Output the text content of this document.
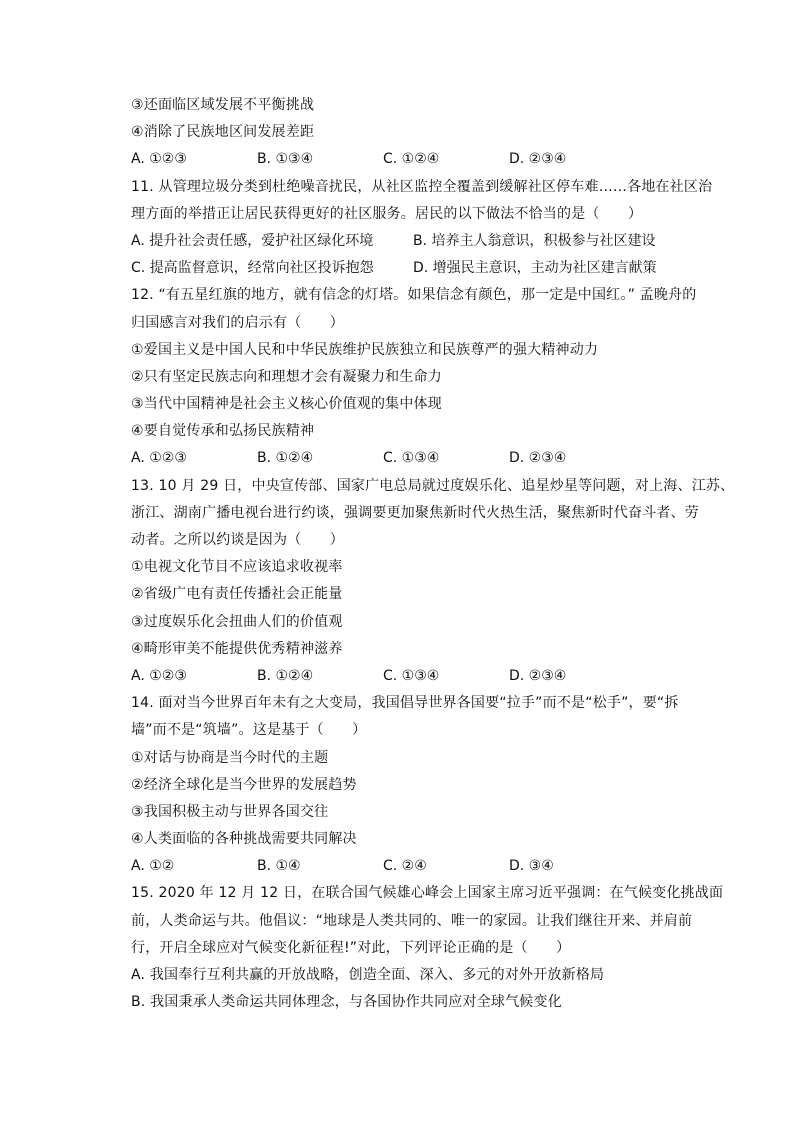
③还面临区域发展不平衡挑战
④消除了民族地区间发展差距
A. ①②③	B. ①③④	C. ①②④	D. ②③④
11. 从管理垃圾分类到杜绝噪音扰民，从社区监控全覆盖到缓解社区停车难……各地在社区治
理方面的举措正让居民获得更好的社区服务。居民的以下做法不恰当的是（　　）
A. 提升社会责任感，爱护社区绿化环境	B. 培养主人翁意识，积极参与社区建设
C. 提高监督意识，经常向社区投诉抱怨	D. 增强民主意识，主动为社区建言献策
12. “有五星红旗的地方，就有信念的灯塔。如果信念有颜色，那一定是中国红。” 孟晚舟的
归国感言对我们的启示有（　　）
①爱国主义是中国人民和中华民族维护民族独立和民族尊严的强大精神动力
②只有坚定民族志向和理想才会有凝聚力和生命力
③当代中国精神是社会主义核心价值观的集中体现
④要自觉传承和弘扬民族精神
A. ①②③	B. ①②④	C. ①③④	D. ②③④
13. 10 月 29 日，中央宣传部、国家广电总局就过度娱乐化、追星炒星等问题，对上海、江苏、
浙江、湖南广播电视台进行约谈，强调要更加聚焦新时代火热生活，聚焦新时代奋斗者、劳
动者。之所以约谈是因为（　　）
①电视文化节目不应该追求收视率
②省级广电有责任传播社会正能量
③过度娱乐化会扭曲人们的价值观
④畸形审美不能提供优秀精神滋养
A. ①②③	B. ①②④	C. ①③④	D. ②③④
14. 面对当今世界百年未有之大变局，我国倡导世界各国要“拉手”而不是“松手”，要“拆
墙”而不是“筑墙”。这是基于（　　）
①对话与协商是当今时代的主题
②经济全球化是当今世界的发展趋势
③我国积极主动与世界各国交往
④人类面临的各种挑战需要共同解决
A. ①②	B. ①④	C. ②④	D. ③④
15. 2020 年 12 月 12 日，在联合国气候雄心峰会上国家主席习近平强调：在气候变化挑战面
前，人类命运与共。他倡议：“地球是人类共同的、唯一的家园。让我们继往开来、并肩前
行，开启全球应对气候变化新征程!”对此，下列评论正确的是（　　）
A. 我国奉行互利共赢的开放战略，创造全面、深入、多元的对外开放新格局
B. 我国秉承人类命运共同体理念，与各国协作共同应对全球气候变化
